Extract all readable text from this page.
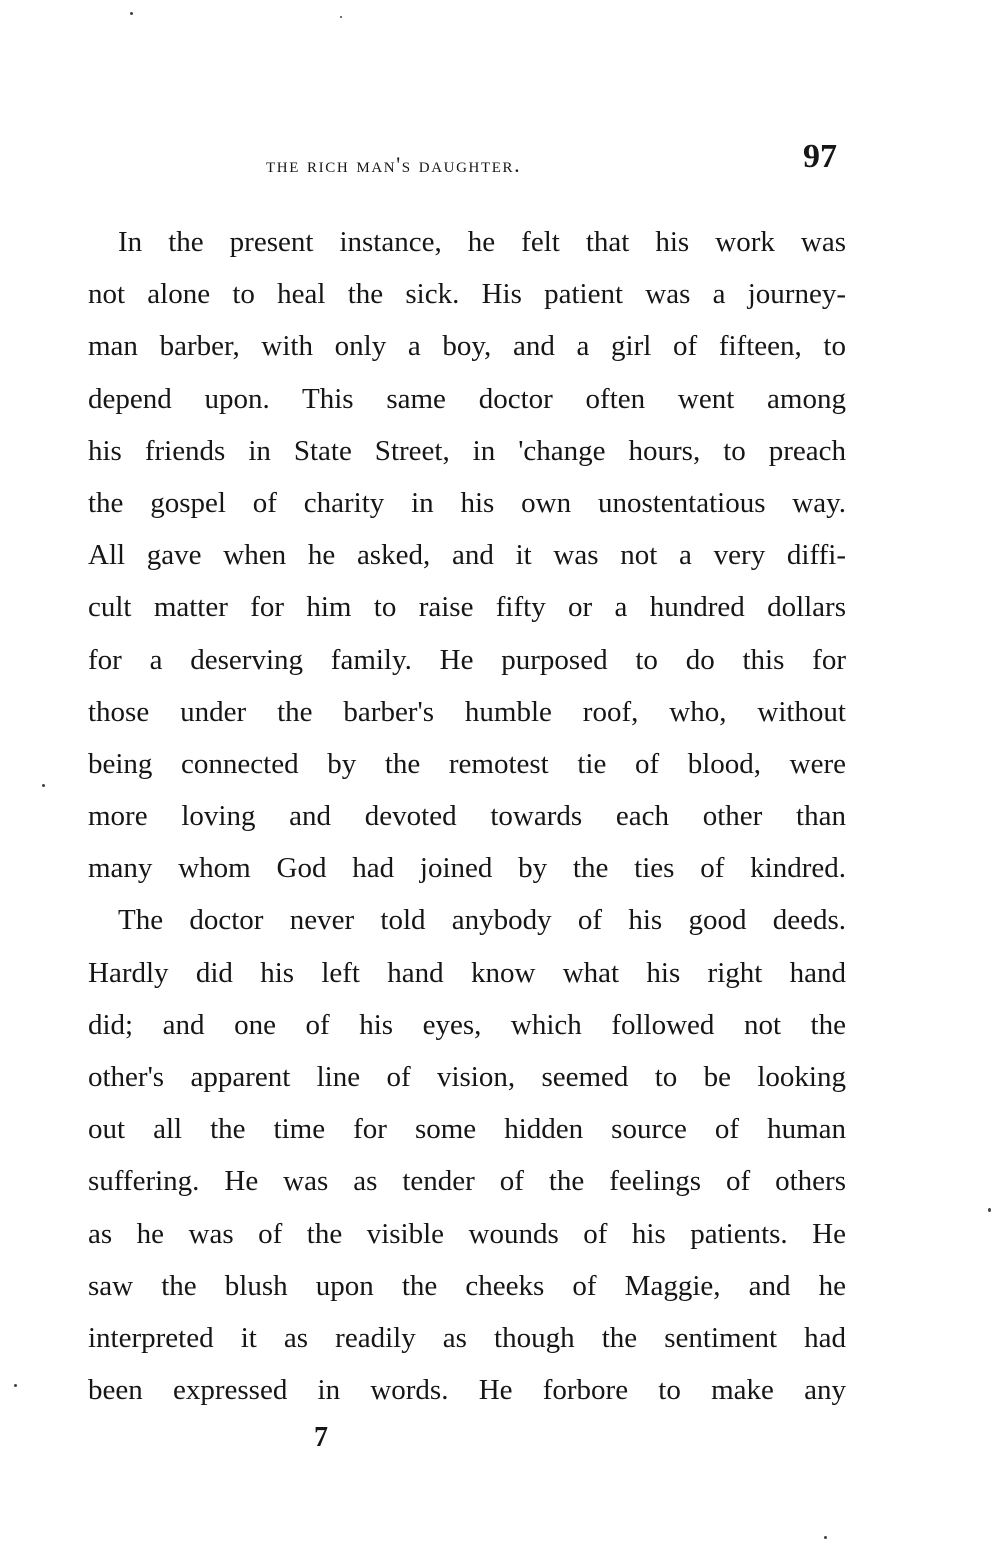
the rich man's daughter.	97
In the present instance, he felt that his work was
not alone to heal the sick. His patient was a journey-
man barber, with only a boy, and a girl of fifteen, to
depend upon. This same doctor often went among
his friends in State Street, in 'change hours, to preach
the gospel of charity in his own unostentatious way.
All gave when he asked, and it was not a very diffi-
cult matter for him to raise fifty or a hundred dollars
for a deserving family. He purposed to do this for
those under the barber's humble roof, who, without
being connected by the remotest tie of blood, were
more loving and devoted towards each other than
many whom God had joined by the ties of kindred.
The doctor never told anybody of his good deeds.
Hardly did his left hand know what his right hand
did; and one of his eyes, which followed not the
other's apparent line of vision, seemed to be looking
out all the time for some hidden source of human
suffering. He was as tender of the feelings of others
as he was of the visible wounds of his patients. He
saw the blush upon the cheeks of Maggie, and he
interpreted it as readily as though the sentiment had
been expressed in words. He forbore to make any
7
